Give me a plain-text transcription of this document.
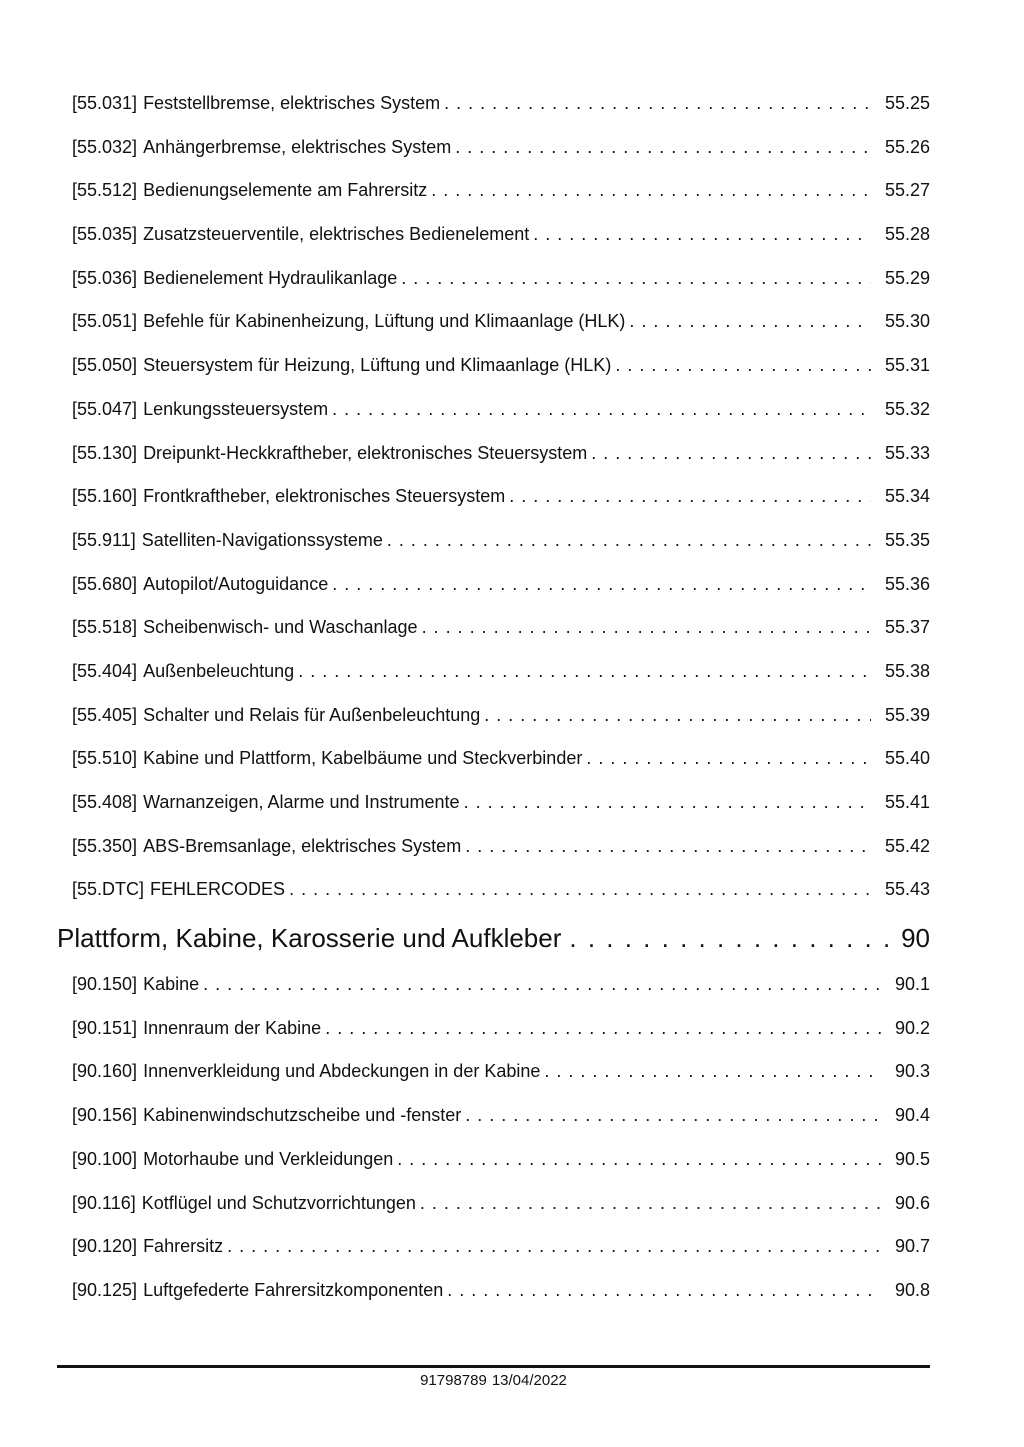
[55.031] Feststellbremse, elektrisches System . . .	55.25
[55.032] Anhängerbremse, elektrisches System . . .	55.26
[55.512] Bedienungselemente am Fahrersitz . . .	55.27
[55.035] Zusatzsteuerventile, elektrisches Bedienelement . . .	55.28
[55.036] Bedienelement Hydraulikanlage . . .	55.29
[55.051] Befehle für Kabinenheizung, Lüftung und Klimaanlage (HLK) . . .	55.30
[55.050] Steuersystem für Heizung, Lüftung und Klimaanlage (HLK) . . .	55.31
[55.047] Lenkungssteuersystem . . .	55.32
[55.130] Dreipunkt-Heckkraftheber, elektronisches Steuersystem . . .	55.33
[55.160] Frontkraftheber, elektronisches Steuersystem . . .	55.34
[55.911] Satelliten-Navigationssysteme . . .	55.35
[55.680] Autopilot/Autoguidance . . .	55.36
[55.518] Scheibenwisch- und Waschanlage . . .	55.37
[55.404] Außenbeleuchtung . . .	55.38
[55.405] Schalter und Relais für Außenbeleuchtung . . .	55.39
[55.510] Kabine und Plattform, Kabelbäume und Steckverbinder . . .	55.40
[55.408] Warnanzeigen, Alarme und Instrumente . . .	55.41
[55.350] ABS-Bremsanlage, elektrisches System . . .	55.42
[55.DTC] FEHLERCODES . . .	55.43
Plattform, Kabine, Karosserie und Aufkleber . . .	90
[90.150] Kabine . . .	90.1
[90.151] Innenraum der Kabine . . .	90.2
[90.160] Innenverkleidung und Abdeckungen in der Kabine . . .	90.3
[90.156] Kabinenwindschutzscheibe und -fenster . . .	90.4
[90.100] Motorhaube und Verkleidungen . . .	90.5
[90.116] Kotflügel und Schutzvorrichtungen . . .	90.6
[90.120] Fahrersitz . . .	90.7
[90.125] Luftgefederte Fahrersitzkomponenten . . .	90.8
91798789 13/04/2022
